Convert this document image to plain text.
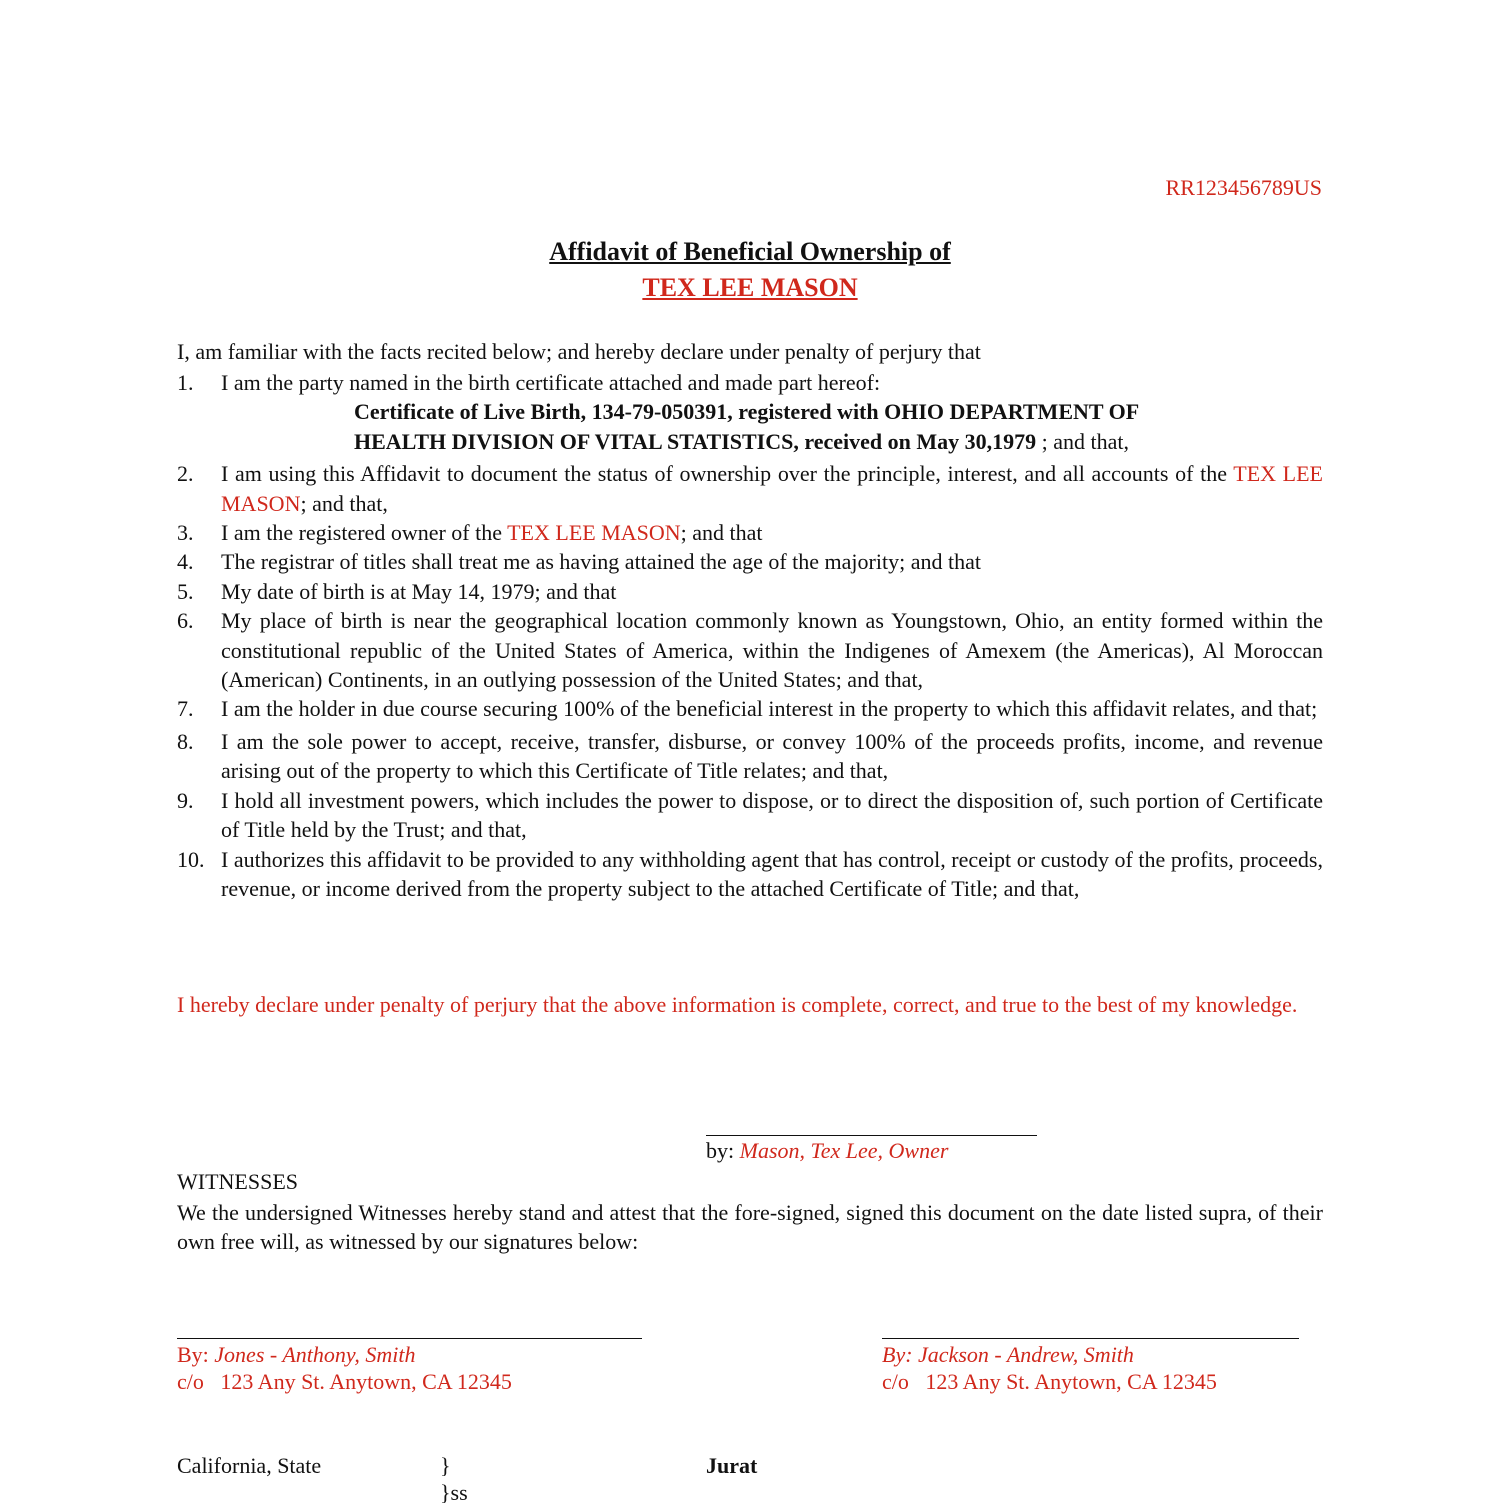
RR123456789US
Affidavit of Beneficial Ownership of
TEX LEE MASON
I, am familiar with the facts recited below; and hereby declare under penalty of perjury that
1. I am the party named in the birth certificate attached and made part hereof:
Certificate of Live Birth, 134-79-050391, registered with OHIO DEPARTMENT OF
HEALTH DIVISION OF VITAL STATISTICS, received on May 30,1979 ; and that,
2. I am using this Affidavit to document the status of ownership over the principle, interest, and all accounts of the TEX LEE MASON; and that,
3. I am the registered owner of the TEX LEE MASON; and that
4. The registrar of titles shall treat me as having attained the age of the majority; and that
5. My date of birth is at May 14, 1979; and that
6. My place of birth is near the geographical location commonly known as Youngstown, Ohio, an entity formed within the constitutional republic of the United States of America, within the Indigenes of Amexem (the Americas), Al Moroccan (American) Continents, in an outlying possession of the United States; and that,
7. I am the holder in due course securing 100% of the beneficial interest in the property to which this affidavit relates, and that;
8. I am the sole power to accept, receive, transfer, disburse, or convey 100% of the proceeds profits, income, and revenue arising out of the property to which this Certificate of Title relates; and that,
9. I hold all investment powers, which includes the power to dispose, or to direct the disposition of, such portion of Certificate of Title held by the Trust; and that,
10. I authorizes this affidavit to be provided to any withholding agent that has control, receipt or custody of the profits, proceeds, revenue, or income derived from the property subject to the attached Certificate of Title; and that,
I hereby declare under penalty of perjury that the above information is complete, correct, and true to the best of my knowledge.
by: Mason, Tex Lee, Owner
WITNESSES
We the undersigned Witnesses hereby stand and attest that the fore-signed, signed this document on the date listed supra, of their own free will, as witnessed by our signatures below:
By: Jones - Anthony, Smith
c/o 123 Any St. Anytown, CA 12345
By: Jackson - Andrew, Smith
c/o 123 Any St. Anytown, CA 12345
California, State	}
}ss
Jurat
